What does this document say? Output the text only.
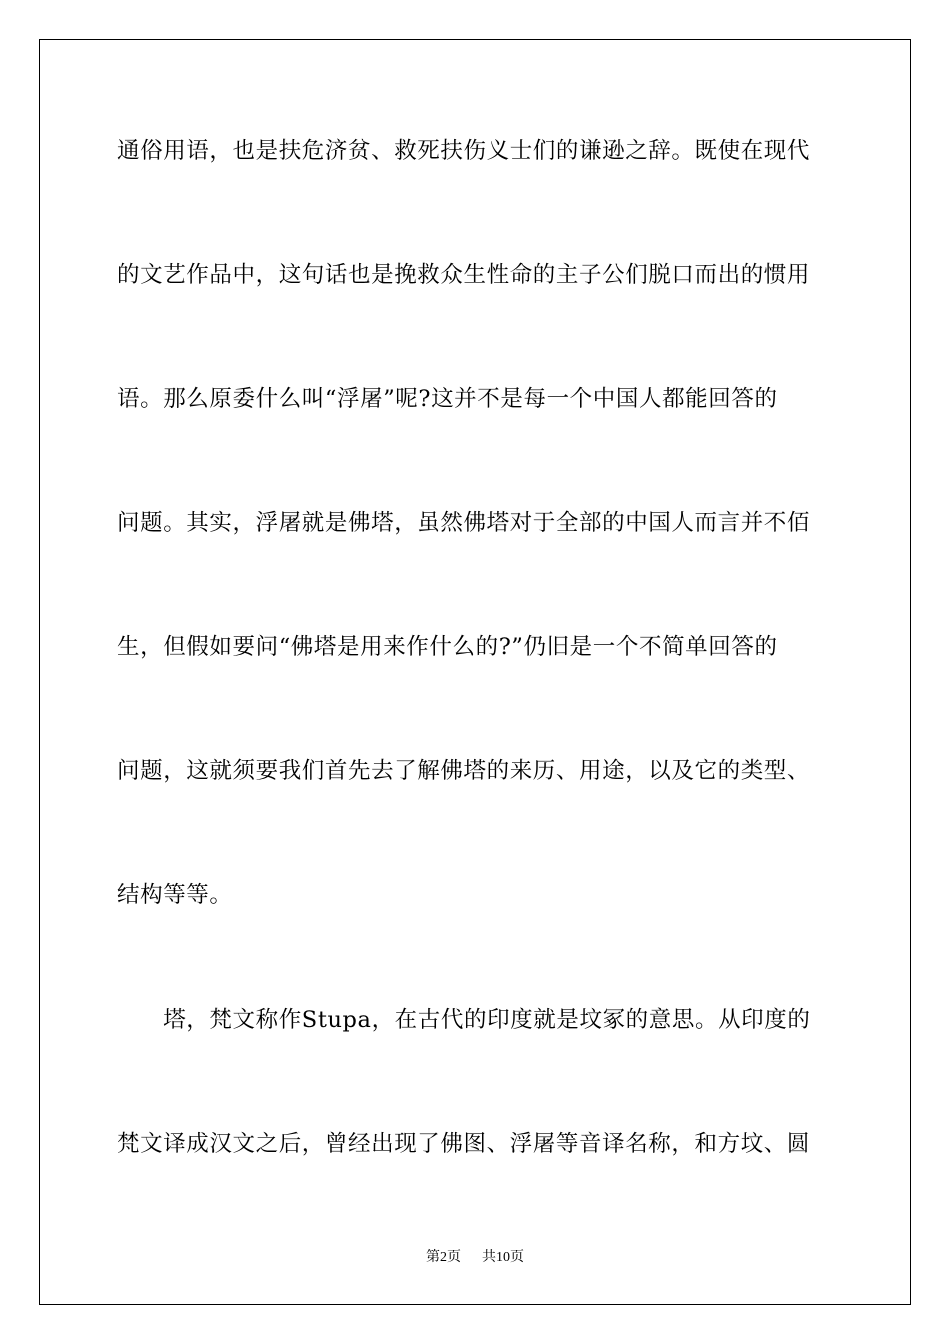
通俗用语，也是扶危济贫、救死扶伤义士们的谦逊之辞。既使在现代
的文艺作品中，这句话也是挽救众生性命的主子公们脱口而出的惯用
语。那么原委什么叫“浮屠”呢?这并不是每一个中国人都能回答的
问题。其实，浮屠就是佛塔，虽然佛塔对于全部的中国人而言并不佰
生，但假如要问“佛塔是用来作什么的?”仍旧是一个不简单回答的
问题，这就须要我们首先去了解佛塔的来历、用途，以及它的类型、
结构等等。
　　塔，梵文称作Stupa，在古代的印度就是坟冢的意思。从印度的
梵文译成汉文之后，曾经出现了佛图、浮屠等音译名称，和方坟、圆
第2页 共10页
